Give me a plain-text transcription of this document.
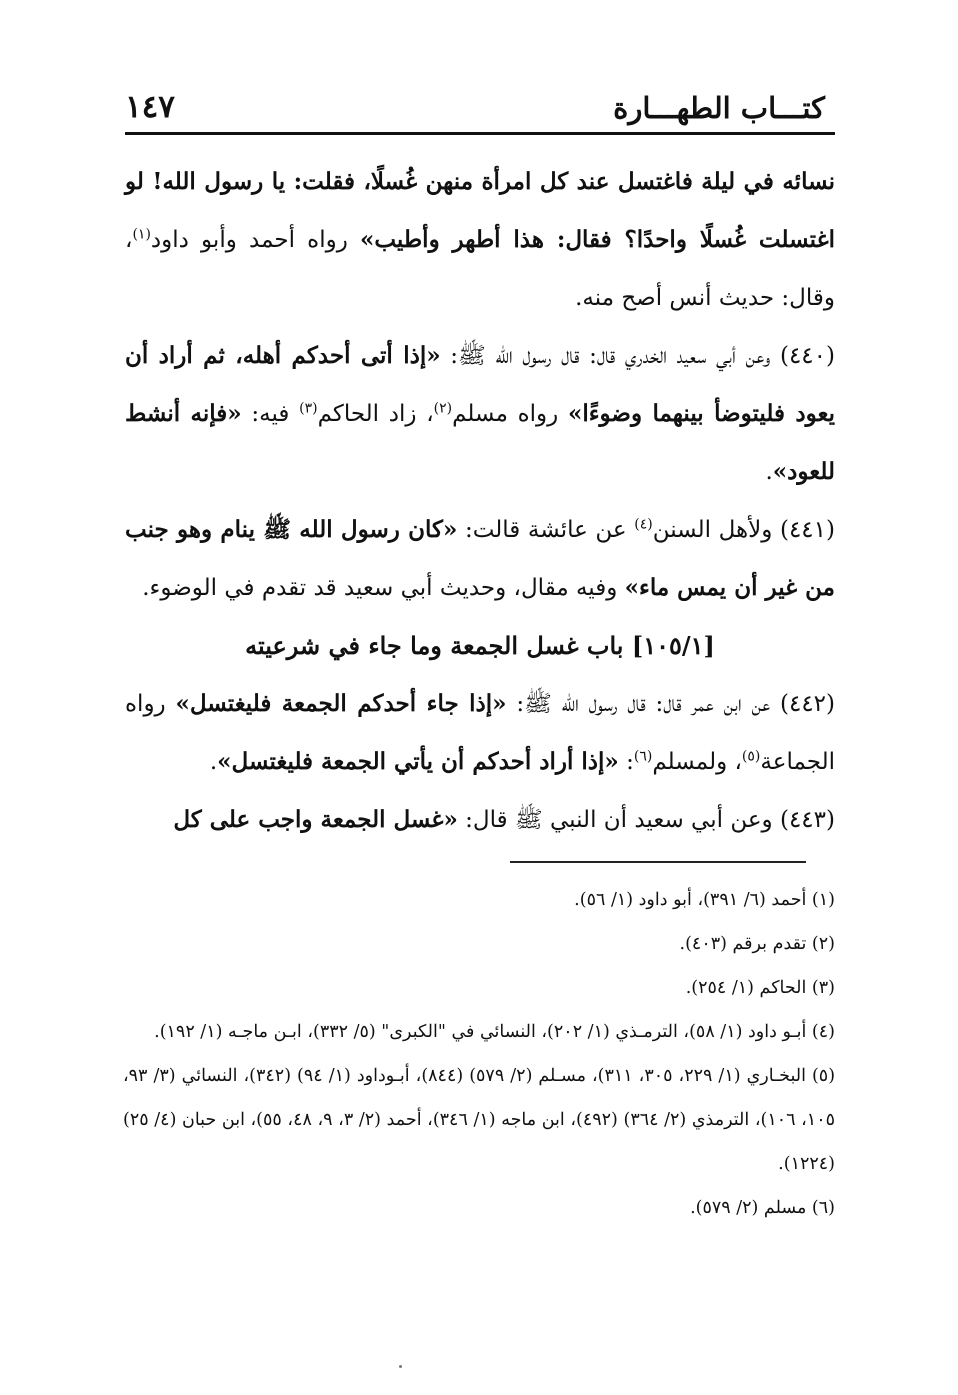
كتـــاب الطهـــارة
١٤٧

نسائه في ليلة فاغتسل عند كل امرأة منهن غُسلًا، فقلت: يا رسول الله! لو اغتسلت غُسلًا واحدًا؟ فقال: هذا أطهر وأطيب» رواه أحمد وأبو داود$^{(١)}$، وقال: حديث أنس أصح منه.

(٤٤٠) وعن أبي سعيد الخدري قال: قال رسول الله ﷺ: «إذا أتى أحدكم أهله، ثم أراد أن يعود فليتوضأ بينهما وضوءًا» رواه مسلم$^{(٢)}$، زاد الحاكم$^{(٣)}$ فيه: «فإنه أنشط للعود».

(٤٤١) ولأهل السنن$^{(٤)}$ عن عائشة قالت: «كان رسول الله ﷺ ينام وهو جنب من غير أن يمس ماء» وفيه مقال، وحديث أبي سعيد قد تقدم في الوضوء.

[١٠٥/١] باب غسل الجمعة وما جاء في شرعيته

(٤٤٢) عن ابن عمر قال: قال رسول الله ﷺ: «إذا جاء أحدكم الجمعة فليغتسل» رواه الجماعة$^{(٥)}$، ولمسلم$^{(٦)}$: «إذا أراد أحدكم أن يأتي الجمعة فليغتسل».

(٤٤٣) وعن أبي سعيد أن النبي ﷺ قال: «غسل الجمعة واجب على كل

(١) أحمد (٦/ ٣٩١)، أبو داود (١/ ٥٦).

(٢) تقدم برقم (٤٠٣).

(٣) الحاكم (١/ ٢٥٤).

(٤) أبـو داود (١/ ٥٨)، الترمـذي (١/ ٢٠٢)، النسائي في "الكبرى" (٥/ ٣٣٢)، ابـن ماجـه (١/ ١٩٢).

(٥) البخـاري (١/ ٢٢٩، ٣٠٥، ٣١١)، مسـلم (٢/ ٥٧٩) (٨٤٤)، أبـوداود (١/ ٩٤) (٣٤٢)، النسائي (٣/ ٩٣، ١٠٥، ١٠٦)، الترمذي (٢/ ٣٦٤) (٤٩٢)، ابن ماجه (١/ ٣٤٦)، أحمد (٢/ ٣، ٩، ٤٨، ٥٥)، ابن حبان (٤/ ٢٥) (١٢٢٤).

(٦) مسلم (٢/ ٥٧٩).
